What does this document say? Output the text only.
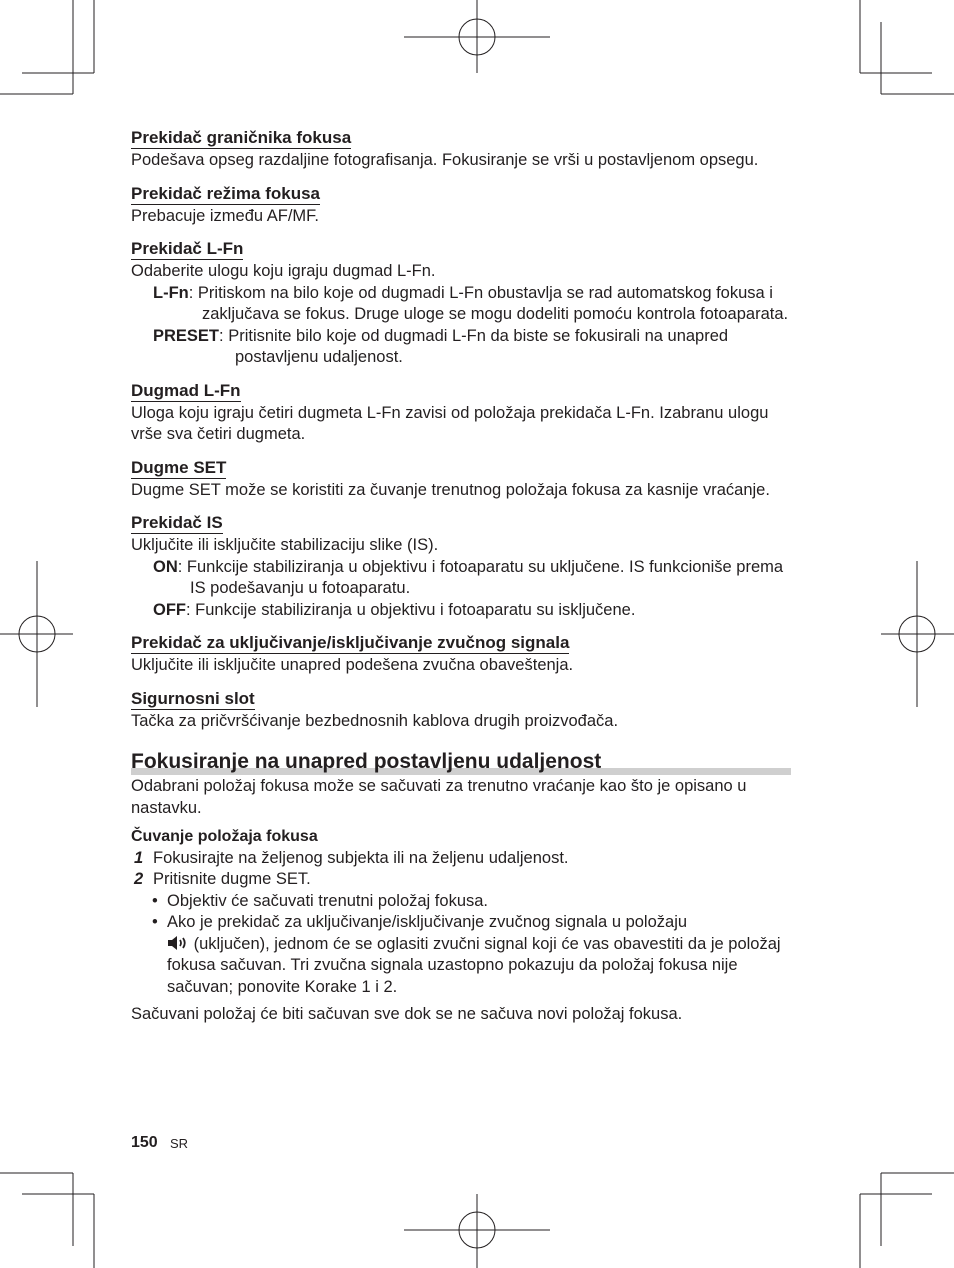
Prekidač graničnika fokusa
Podešava opseg razdaljine fotografisanja. Fokusiranje se vrši u postavljenom opsegu.
Prekidač režima fokusa
Prebacuje između AF/MF.
Prekidač L-Fn
Odaberite ulogu koju igraju dugmad L-Fn.
L-Fn: Pritiskom na bilo koje od dugmadi L-Fn obustavlja se rad automatskog fokusa i zaključava se fokus. Druge uloge se mogu dodeliti pomoću kontrola fotoaparata.
PRESET: Pritisnite bilo koje od dugmadi L-Fn da biste se fokusirali na unapred postavljenu udaljenost.
Dugmad L-Fn
Uloga koju igraju četiri dugmeta L-Fn zavisi od položaja prekidača L-Fn. Izabranu ulogu vrše sva četiri dugmeta.
Dugme SET
Dugme SET može se koristiti za čuvanje trenutnog položaja fokusa za kasnije vraćanje.
Prekidač IS
Uključite ili isključite stabilizaciju slike (IS).
ON: Funkcije stabiliziranja u objektivu i fotoaparatu su uključene. IS funkcioniše prema IS podešavanju u fotoaparatu.
OFF: Funkcije stabiliziranja u objektivu i fotoaparatu su isključene.
Prekidač za uključivanje/isključivanje zvučnog signala
Uključite ili isključite unapred podešena zvučna obaveštenja.
Sigurnosni slot
Tačka za pričvršćivanje bezbednosnih kablova drugih proizvođača.
Fokusiranje na unapred postavljenu udaljenost
Odabrani položaj fokusa može se sačuvati za trenutno vraćanje kao što je opisano u nastavku.
Čuvanje položaja fokusa
1 Fokusirajte na željenog subjekta ili na željenu udaljenost.
2 Pritisnite dugme SET.
• Objektiv će sačuvati trenutni položaj fokusa.
• Ako je prekidač za uključivanje/isključivanje zvučnog signala u položaju
(uključen), jednom će se oglasiti zvučni signal koji će vas obavestiti da je položaj fokusa sačuvan. Tri zvučna signala uzastopno pokazuju da položaj fokusa nije sačuvan; ponovite Korake 1 i 2.
Sačuvani položaj će biti sačuvan sve dok se ne sačuva novi položaj fokusa.
150 SR
